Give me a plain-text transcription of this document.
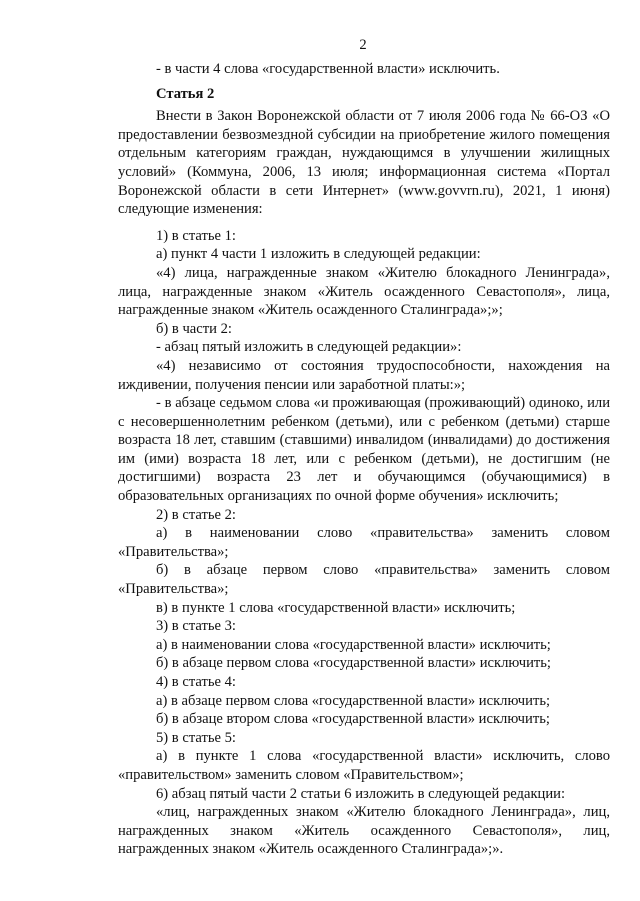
2

- в части 4 слова «государственной власти» исключить.

Статья 2

Внести в Закон Воронежской области от 7 июля 2006 года № 66-ОЗ «О предоставлении безвозмездной субсидии на приобретение жилого помещения отдельным категориям граждан, нуждающимся в улучшении жилищных условий» (Коммуна, 2006, 13 июля; информационная система «Портал Воронежской области в сети Интернет» (www.govvrn.ru), 2021, 1 июня) следующие изменения:

1) в статье 1:

а) пункт 4 части 1 изложить в следующей редакции:

«4) лица, награжденные знаком «Жителю блокадного Ленинграда», лица, награжденные знаком «Житель осажденного Севастополя», лица, награжденные знаком «Житель осажденного Сталинграда»;»;

б) в части 2:

- абзац пятый изложить в следующей редакции»:

«4) независимо от состояния трудоспособности, нахождения на иждивении, получения пенсии или заработной платы:»;

- в абзаце седьмом слова «и проживающая (проживающий) одиноко, или с несовершеннолетним ребенком (детьми), или с ребенком (детьми) старше возраста 18 лет, ставшим (ставшими) инвалидом (инвалидами) до достижения им (ими) возраста 18 лет, или с ребенком (детьми), не достигшим (не достигшими) возраста 23 лет и обучающимся (обучающимися) в образовательных организациях по очной форме обучения» исключить;

2) в статье 2:

а) в наименовании слово «правительства» заменить словом «Правительства»;

б) в абзаце первом слово «правительства» заменить словом «Правительства»;

в) в пункте 1 слова «государственной власти» исключить;

3) в статье 3:

а) в наименовании слова «государственной власти» исключить;

б) в абзаце первом слова «государственной власти» исключить;

4) в статье 4:

а) в абзаце первом слова «государственной власти» исключить;

б) в абзаце втором слова «государственной власти» исключить;

5) в статье 5:

а) в пункте 1 слова «государственной власти» исключить, слово «правительством» заменить словом «Правительством»;

6) абзац пятый части 2 статьи 6 изложить в следующей редакции:

«лиц, награжденных знаком «Жителю блокадного Ленинграда», лиц, награжденных знаком «Житель осажденного Севастополя», лиц, награжденных знаком «Житель осажденного Сталинграда»;».
